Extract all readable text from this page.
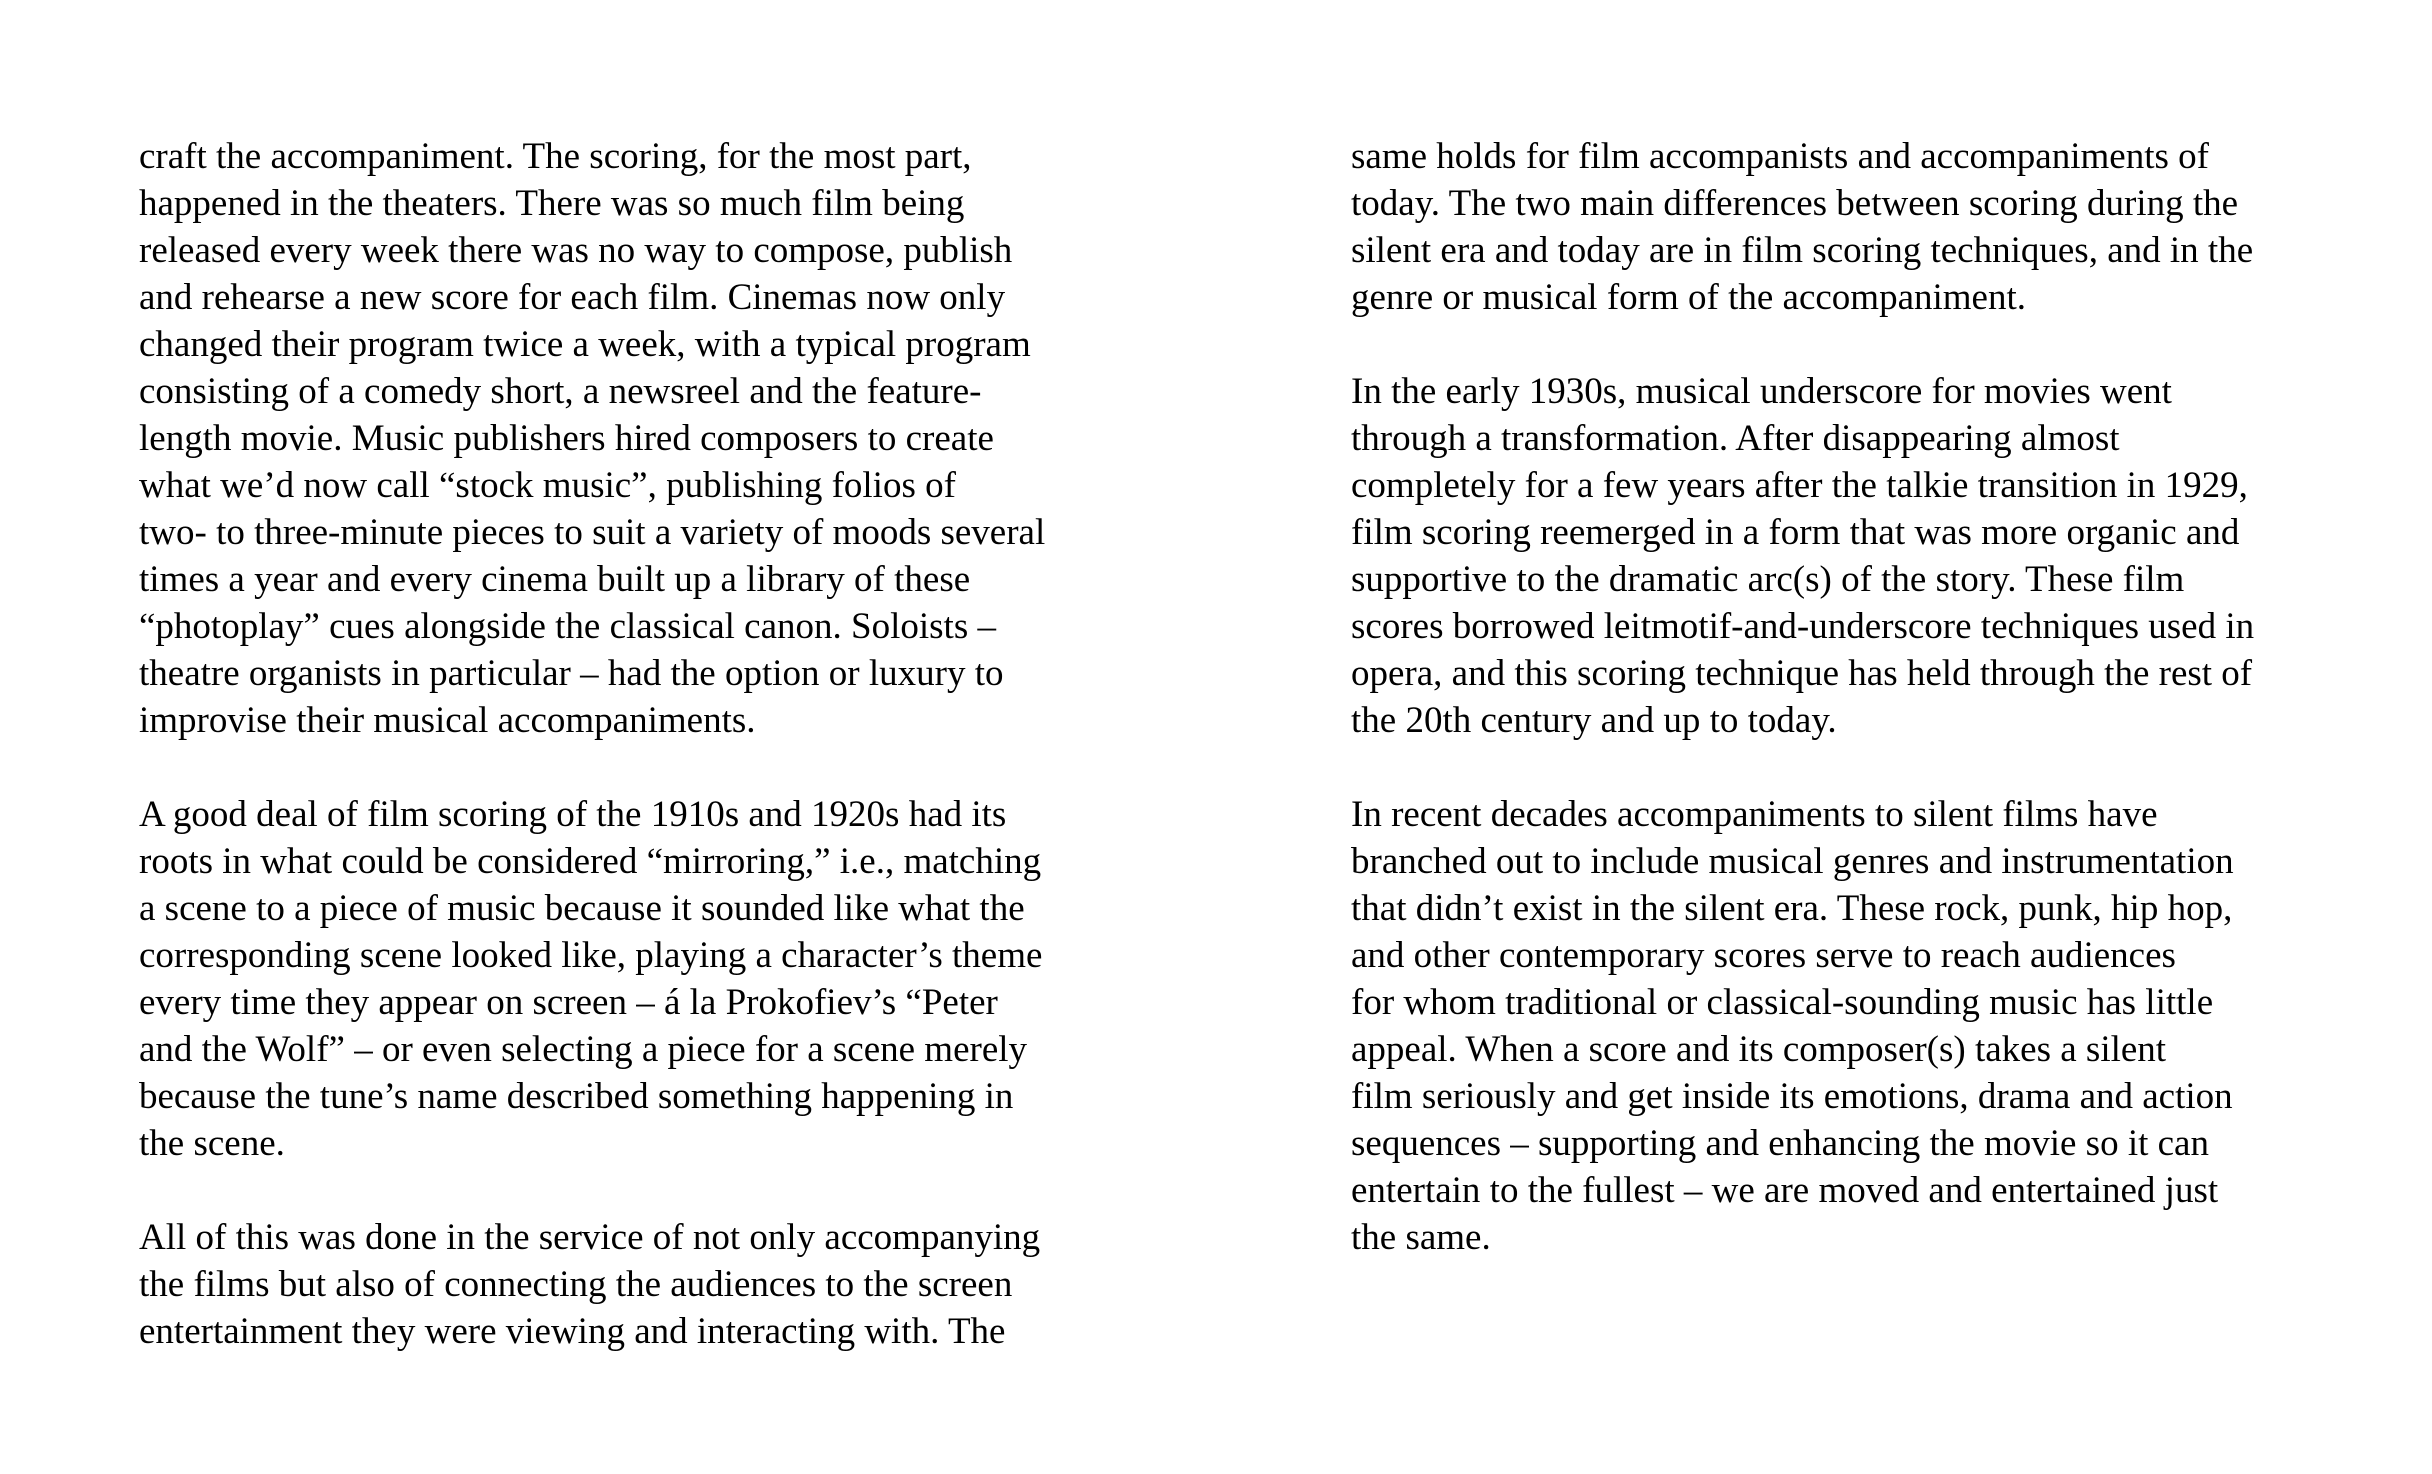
craft the accompaniment. The scoring, for the most part,
happened in the theaters. There was so much film being
released every week there was no way to compose, publish
and rehearse a new score for each film. Cinemas now only
changed their program twice a week, with a typical program
consisting of a comedy short, a newsreel and the feature-
length movie. Music publishers hired composers to create
what we’d now call “stock music”, publishing folios of
two- to three-minute pieces to suit a variety of moods several
times a year and every cinema built up a library of these
“photoplay” cues alongside the classical canon. Soloists –
theatre organists in particular – had the option or luxury to
improvise their musical accompaniments.

A good deal of film scoring of the 1910s and 1920s had its
roots in what could be considered “mirroring,” i.e., matching
a scene to a piece of music because it sounded like what the
corresponding scene looked like, playing a character’s theme
every time they appear on screen – á la Prokofiev’s “Peter
and the Wolf” – or even selecting a piece for a scene merely
because the tune’s name described something happening in
the scene.

All of this was done in the service of not only accompanying
the films but also of connecting the audiences to the screen
entertainment they were viewing and interacting with. The

same holds for film accompanists and accompaniments of
today. The two main differences between scoring during the
silent era and today are in film scoring techniques, and in the
genre or musical form of the accompaniment.

In the early 1930s, musical underscore for movies went
through a transformation. After disappearing almost
completely for a few years after the talkie transition in 1929,
film scoring reemerged in a form that was more organic and
supportive to the dramatic arc(s) of the story. These film
scores borrowed leitmotif-and-underscore techniques used in
opera, and this scoring technique has held through the rest of
the 20th century and up to today.

In recent decades accompaniments to silent films have
branched out to include musical genres and instrumentation
that didn’t exist in the silent era. These rock, punk, hip hop,
and other contemporary scores serve to reach audiences
for whom traditional or classical-sounding music has little
appeal. When a score and its composer(s) takes a silent
film seriously and get inside its emotions, drama and action
sequences – supporting and enhancing the movie so it can
entertain to the fullest – we are moved and entertained just
the same.
